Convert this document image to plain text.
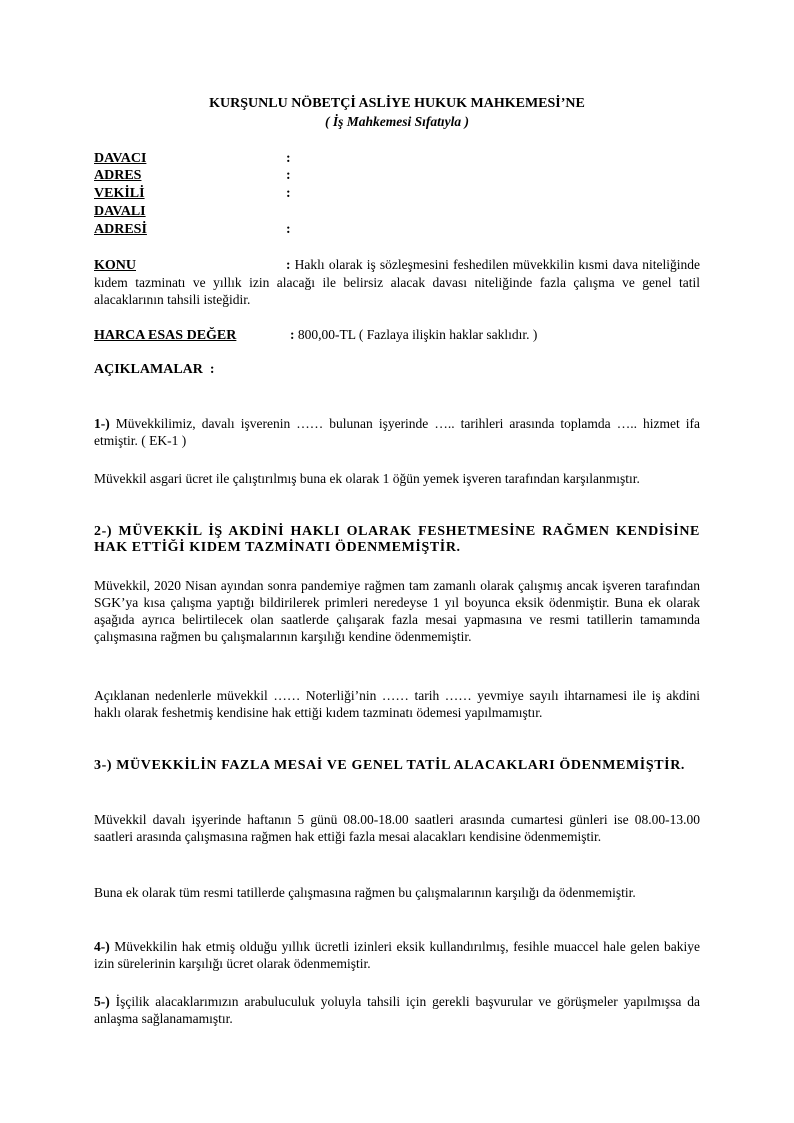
KURŞUNLU NÖBETÇİ ASLİYE HUKUK MAHKEMESİ’NE
( İş Mahkemesi Sıfatıyla )
DAVACI	:
ADRES	:
VEKİLİ	:
DAVALI
ADRESİ	:
KONU	: Haklı olarak iş sözleşmesini feshedilen müvekkilin kısmi dava niteliğinde kıdem tazminatı ve yıllık izin alacağı ile belirsiz alacak davası niteliğinde fazla çalışma ve genel tatil alacaklarının tahsili isteğidir.
HARCA ESAS DEĞER	: 800,00-TL ( Fazlaya ilişkin haklar saklıdır. )
AÇIKLAMALAR  :
1-) Müvekkilimiz, davalı işverenin …… bulunan işyerinde ….. tarihleri arasında toplamda ….. hizmet ifa etmiştir. ( EK-1 )
Müvekkil asgari ücret ile çalıştırılmış buna ek olarak 1 öğün yemek işveren tarafından karşılanmıştır.
2-) MÜVEKKİL İŞ AKDİNİ HAKLI OLARAK FESHETMESİNE RAĞMEN KENDİSİNE HAK ETTİĞİ KIDEM TAZMİNATI ÖDENMEMİŞTİR.
Müvekkil, 2020 Nisan ayından sonra pandemiye rağmen tam zamanlı olarak çalışmış ancak işveren tarafından SGK’ya kısa çalışma yaptığı bildirilerek primleri neredeyse 1 yıl boyunca eksik ödenmiştir. Buna ek olarak aşağıda ayrıca belirtilecek olan saatlerde çalışarak fazla mesai yapmasına ve resmi tatillerin tamamında çalışmasına rağmen bu çalışmalarının karşılığı kendine ödenmemiştir.
Açıklanan nedenlerle müvekkil …… Noterliği’nin …… tarih …… yevmiye sayılı ihtarnamesi ile iş akdini haklı olarak feshetmiş kendisine hak ettiği kıdem tazminatı ödemesi yapılmamıştır.
3-) MÜVEKKİLİN FAZLA MESAİ VE GENEL TATİL ALACAKLARI ÖDENMEMİŞTİR.
Müvekkil davalı işyerinde haftanın 5 günü 08.00-18.00 saatleri arasında cumartesi günleri ise 08.00-13.00 saatleri arasında çalışmasına rağmen hak ettiği fazla mesai alacakları kendisine ödenmemiştir.
Buna ek olarak tüm resmi tatillerde çalışmasına rağmen bu çalışmalarının karşılığı da ödenmemiştir.
4-) Müvekkilin hak etmiş olduğu yıllık ücretli izinleri eksik kullandırılmış, fesihle muaccel hale gelen bakiye izin sürelerinin karşılığı ücret olarak ödenmemiştir.
5-) İşçilik alacaklarımızın arabuluculuk yoluyla tahsili için gerekli başvurular ve görüşmeler yapılmışsa da anlaşma sağlanamamıştır.
